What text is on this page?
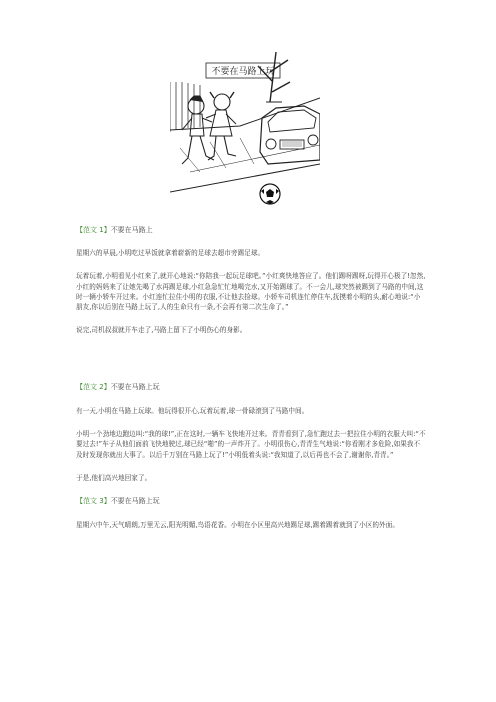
不要在马路上玩

【范文 1】不要在马路上

星期六的早晨,小明吃过早饭就拿着崭新的足球去超市旁踢足球。

玩着玩着,小明看见小红来了,就开心地说:“你陪我一起玩足球吧。”小红爽快地答应了。他们踢呀踢呀,玩得开心极了!忽然,小红的妈妈来了让她先喝了水再踢足球,小红急急忙忙地喝完水,又开始踢球了。不一会儿,球突然被踢到了马路的中间,这时一辆小轿车开过来。小红连忙拉住小明的衣服,不让他去捡球。小轿车司机连忙停住车,抚摸着小明的头,耐心地说:“小朋友,你以后别在马路上玩了,人的生命只有一条,不会再有第二次生命了。”

说完,司机叔叔就开车走了,马路上留下了小明伤心的身影。

【范文 2】不要在马路上玩

有一天,小明在马路上玩球。他玩得很开心,玩着玩着,球一骨碌滚到了马路中间。

小明一个劲地边跑边叫:“我的球!”,正在这时,一辆车飞快地开过来。青青看到了,急忙跑过去一把拉住小明的衣服大叫:“不要过去!”车子从他们面前飞快地驶过,球已经“啪”的一声炸开了。小明很伤心,青青生气地说:“你看刚才多危险,如果我不及时发现你就出大事了。以后千万别在马路上玩了!”小明低着头说:“我知道了,以后再也不会了,谢谢你,青青。”

于是,他们高兴地回家了。

【范文 3】不要在马路上玩

星期六中午,天气晴朗,万里无云,阳光明媚,鸟语花香。小明在小区里高兴地踢足球,踢着踢着就到了小区的外面。
